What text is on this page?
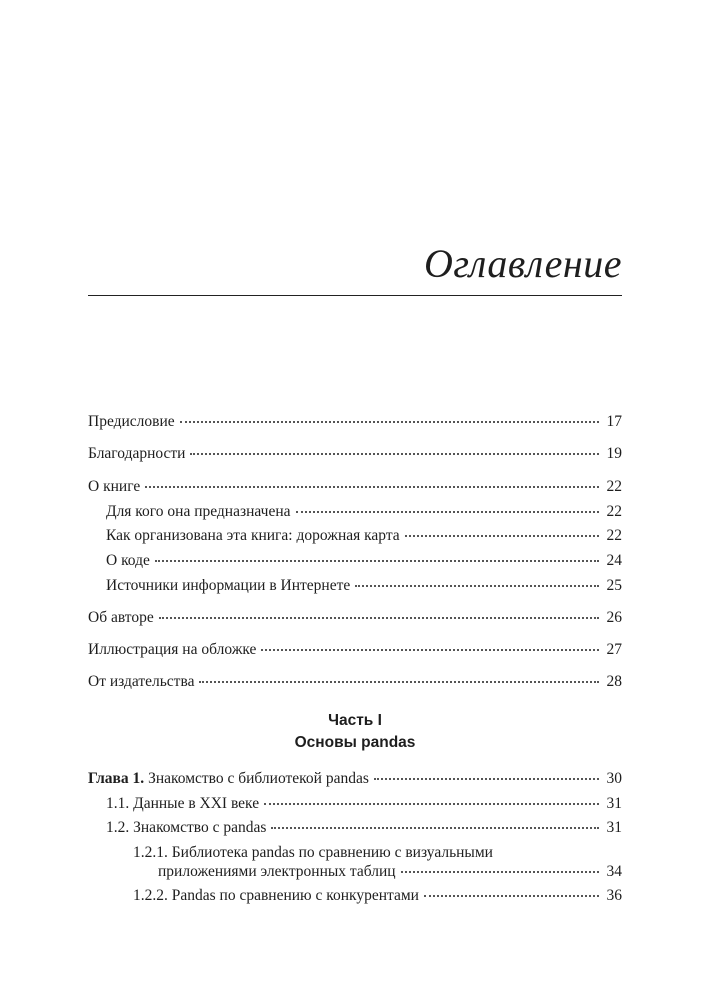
Оглавление
Предисловие	17
Благодарности	19
О книге	22
Для кого она предназначена	22
Как организована эта книга: дорожная карта	22
О коде	24
Источники информации в Интернете	25
Об авторе	26
Иллюстрация на обложке	27
От издательства	28
Часть I
Основы pandas
Глава 1. Знакомство с библиотекой pandas	30
1.1. Данные в XXI веке	31
1.2. Знакомство с pandas	31
1.2.1. Библиотека pandas по сравнению с визуальными
приложениями электронных таблиц	34
1.2.2. Pandas по сравнению с конкурентами	36
